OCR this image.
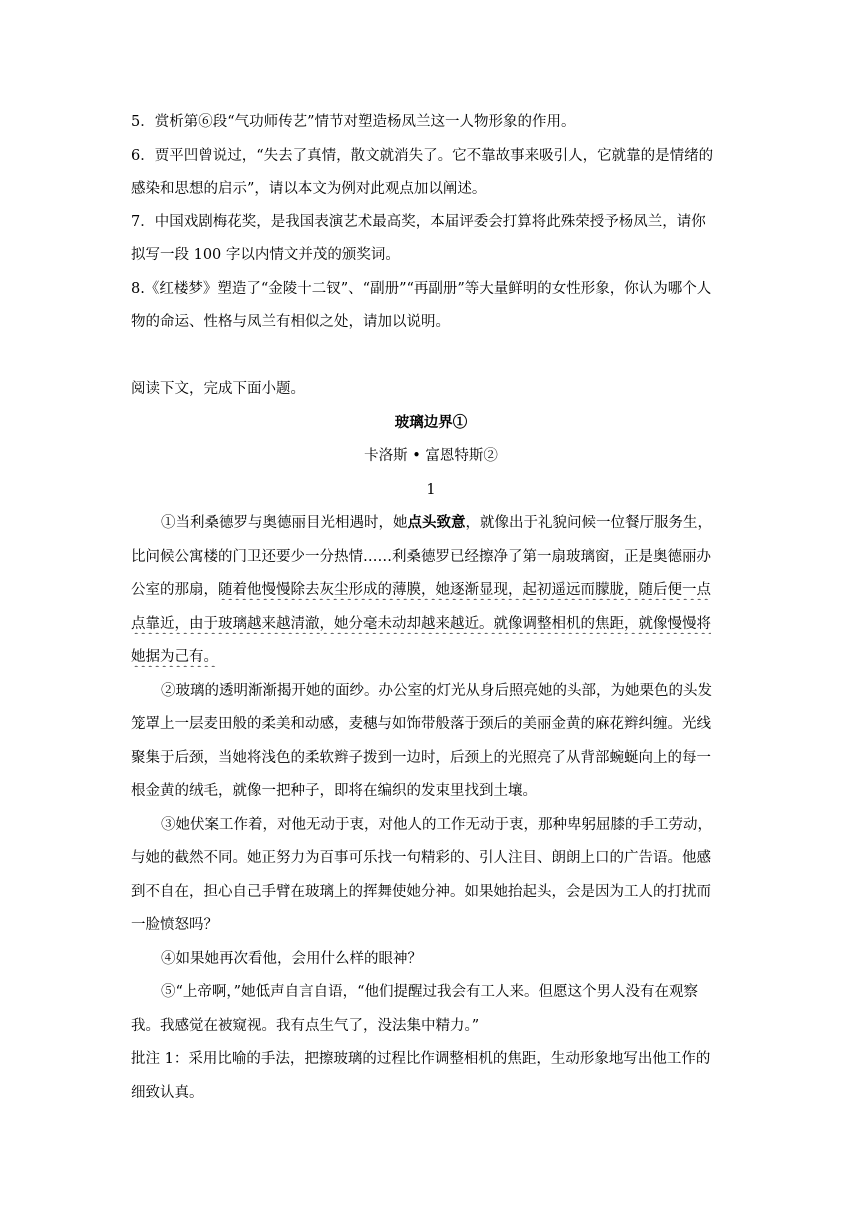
5．赏析第⑥段“气功师传艺”情节对塑造杨凤兰这一人物形象的作用。
6．贾平凹曾说过，“失去了真情，散文就消失了。它不靠故事来吸引人，它就靠的是情绪的
感染和思想的启示”，请以本文为例对此观点加以阐述。
7．中国戏剧梅花奖，是我国表演艺术最高奖，本届评委会打算将此殊荣授予杨凤兰，请你
拟写一段 100 字以内情文并茂的颁奖词。
8.《红楼梦》塑造了“金陵十二钗”、“副册”“再副册”等大量鲜明的女性形象，你认为哪个人
物的命运、性格与凤兰有相似之处，请加以说明。
阅读下文，完成下面小题。
玻璃边界①
卡洛斯 • 富恩特斯②
1
①当利桑德罗与奥德丽目光相遇时，她点头致意，就像出于礼貌问候一位餐厅服务生，
比问候公寓楼的门卫还要少一分热情……利桑德罗已经擦净了第一扇玻璃窗，正是奥德丽办
公室的那扇，随着他慢慢除去灰尘形成的薄膜，她逐渐显现，起初遥远而朦胧，随后便一点
点靠近，由于玻璃越来越清澈，她分毫未动却越来越近。就像调整相机的焦距，就像慢慢将
她据为己有。
②玻璃的透明渐渐揭开她的面纱。办公室的灯光从身后照亮她的头部，为她栗色的头发
笼罩上一层麦田般的柔美和动感，麦穗与如饰带般落于颈后的美丽金黄的麻花辫纠缠。光线
聚集于后颈，当她将浅色的柔软辫子拨到一边时，后颈上的光照亮了从背部蜿蜒向上的每一
根金黄的绒毛，就像一把种子，即将在编织的发束里找到土壤。
③她伏案工作着，对他无动于衷，对他人的工作无动于衷，那种卑躬屈膝的手工劳动，
与她的截然不同。她正努力为百事可乐找一句精彩的、引人注目、朗朗上口的广告语。他感
到不自在，担心自己手臂在玻璃上的挥舞使她分神。如果她抬起头，会是因为工人的打扰而
一脸愤怒吗？
④如果她再次看他，会用什么样的眼神？
⑤“上帝啊，”她低声自言自语，“他们提醒过我会有工人来。但愿这个男人没有在观察
我。我感觉在被窥视。我有点生气了，没法集中精力。”
批注 1：采用比喻的手法，把擦玻璃的过程比作调整相机的焦距，生动形象地写出他工作的
细致认真。
